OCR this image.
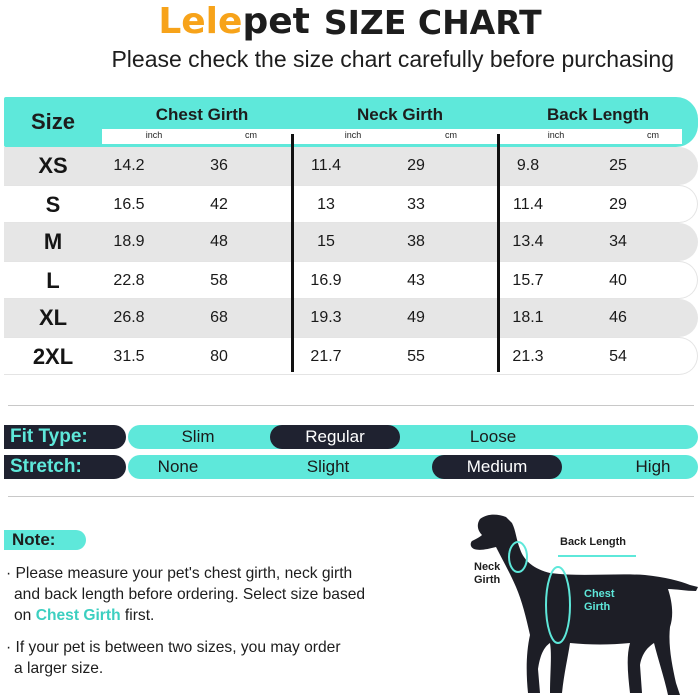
Lelepet SIZE CHART
Please check the size chart carefully before purchasing
Size	Chest Girth	Neck Girth	Back Length
inch	cm	inch	cm	inch	cm
XS	14.2	36	11.4	29	9.8	25
S	16.5	42	13	33	11.4	29
M	18.9	48	15	38	13.4	34
L	22.8	58	16.9	43	15.7	40
XL	26.8	68	19.3	49	18.1	46
2XL	31.5	80	21.7	55	21.3	54
Fit Type:	Slim	Regular	Loose
Stretch:	None	Slight	Medium	High
Note:
· Please measure your pet's chest girth, neck girth
and back length before ordering. Select size based
on Chest Girth first.
· If your pet is between two sizes, you may order
a larger size.
Back Length
Neck
Girth
Chest
Girth
